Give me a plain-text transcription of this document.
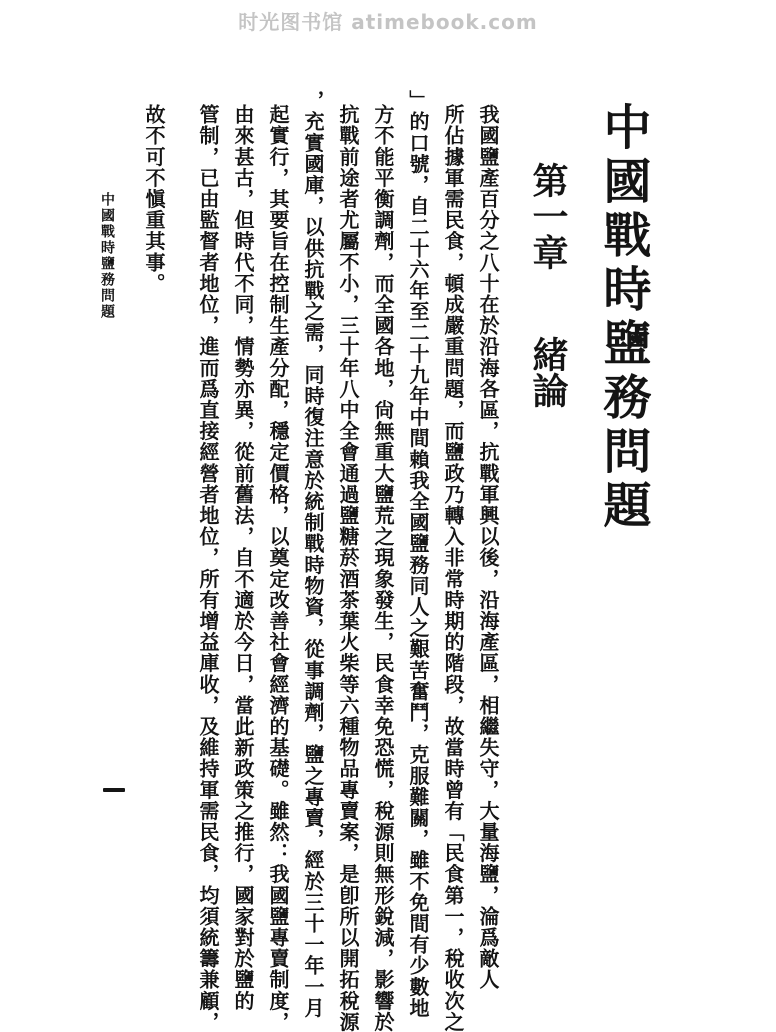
时光图书馆 atimebook.com
中國戰時鹽務問題
第一章緒論
我國鹽產百分之八十在於沿海各區，抗戰軍興以後，沿海產區，相繼失守，大量海鹽，淪爲敵人
所佔據軍需民食，頓成嚴重問題，而鹽政乃轉入非常時期的階段，故當時曾有「民食第一，稅收次之
」的口號，自二十六年至二十九年中間賴我全國鹽務同人之艱苦奮鬥，克服難關，雖不免間有少數地
方不能平衡調劑，而全國各地，尙無重大鹽荒之現象發生，民食幸免恐慌，稅源則無形銳減，影響於
抗戰前途者尤屬不小，三十年八中全會通過鹽糖菸酒茶葉火柴等六種物品專賣案，是卽所以開拓稅源
，充實國庫，以供抗戰之需，同時復注意於統制戰時物資，從事調劑，鹽之專賣，經於三十一年一月
起實行，其要旨在控制生產分配，穩定價格，以奠定改善社會經濟的基礎。雖然：我國鹽專賣制度，
由來甚古，但時代不同，情勢亦異，從前舊法，自不適於今日，當此新政策之推行，國家對於鹽的
管制，已由監督者地位，進而爲直接經營者地位，所有增益庫收，及維持軍需民食，均須統籌兼顧，
故不可不愼重其事。
中國戰時鹽務問題
